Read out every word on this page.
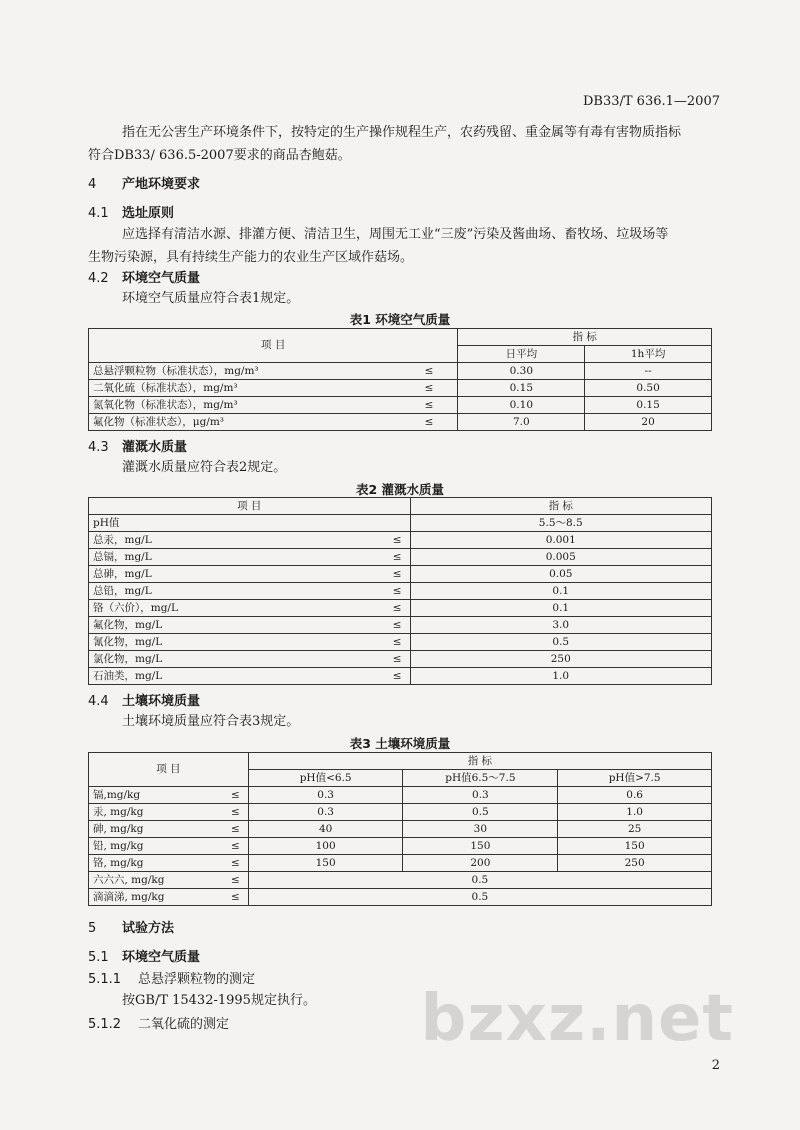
DB33/T 636.1—2007
指在无公害生产环境条件下，按特定的生产操作规程生产，农药残留、重金属等有毒有害物质指标
符合DB33/ 636.5-2007要求的商品杏鲍菇。
4 产地环境要求
4.1 选址原则
应选择有清洁水源、排灌方便、清洁卫生，周围无工业“三废”污染及酱曲场、畜牧场、垃圾场等
生物污染源，具有持续生产能力的农业生产区域作菇场。
4.2 环境空气质量
环境空气质量应符合表1规定。
表1 环境空气质量
项 目	指 标	
	日平均	1h平均
总悬浮颗粒物（标准状态），mg/m³ ≤	0.30	--
二氧化硫（标准状态），mg/m³ ≤	0.15	0.50
氮氧化物（标准状态），mg/m³ ≤	0.10	0.15
氟化物（标准状态），μg/m³ ≤	7.0	20
4.3 灌溉水质量
灌溉水质量应符合表2规定。
表2 灌溉水质量
项 目	指 标
pH值	5.5～8.5
总汞，mg/L ≤	0.001
总镉，mg/L ≤	0.005
总砷，mg/L ≤	0.05
总铅，mg/L ≤	0.1
铬（六价），mg/L ≤	0.1
氟化物，mg/L ≤	3.0
氰化物，mg/L ≤	0.5
氯化物，mg/L ≤	250
石油类，mg/L ≤	1.0
4.4 土壤环境质量
土壤环境质量应符合表3规定。
表3 土壤环境质量
项 目	指 标		
	pH值<6.5	pH值6.5～7.5	pH值>7.5
镉,mg/kg ≤	0.3	0.3	0.6
汞, mg/kg ≤	0.3	0.5	1.0
砷, mg/kg ≤	40	30	25
铅, mg/kg ≤	100	150	150
铬, mg/kg ≤	150	200	250
六六六, mg/kg ≤	0.5		
滴滴涕, mg/kg ≤	0.5		
5 试验方法
5.1 环境空气质量
5.1.1 总悬浮颗粒物的测定
按GB/T 15432-1995规定执行。
5.1.2 二氧化硫的测定	bzxz.net
2
